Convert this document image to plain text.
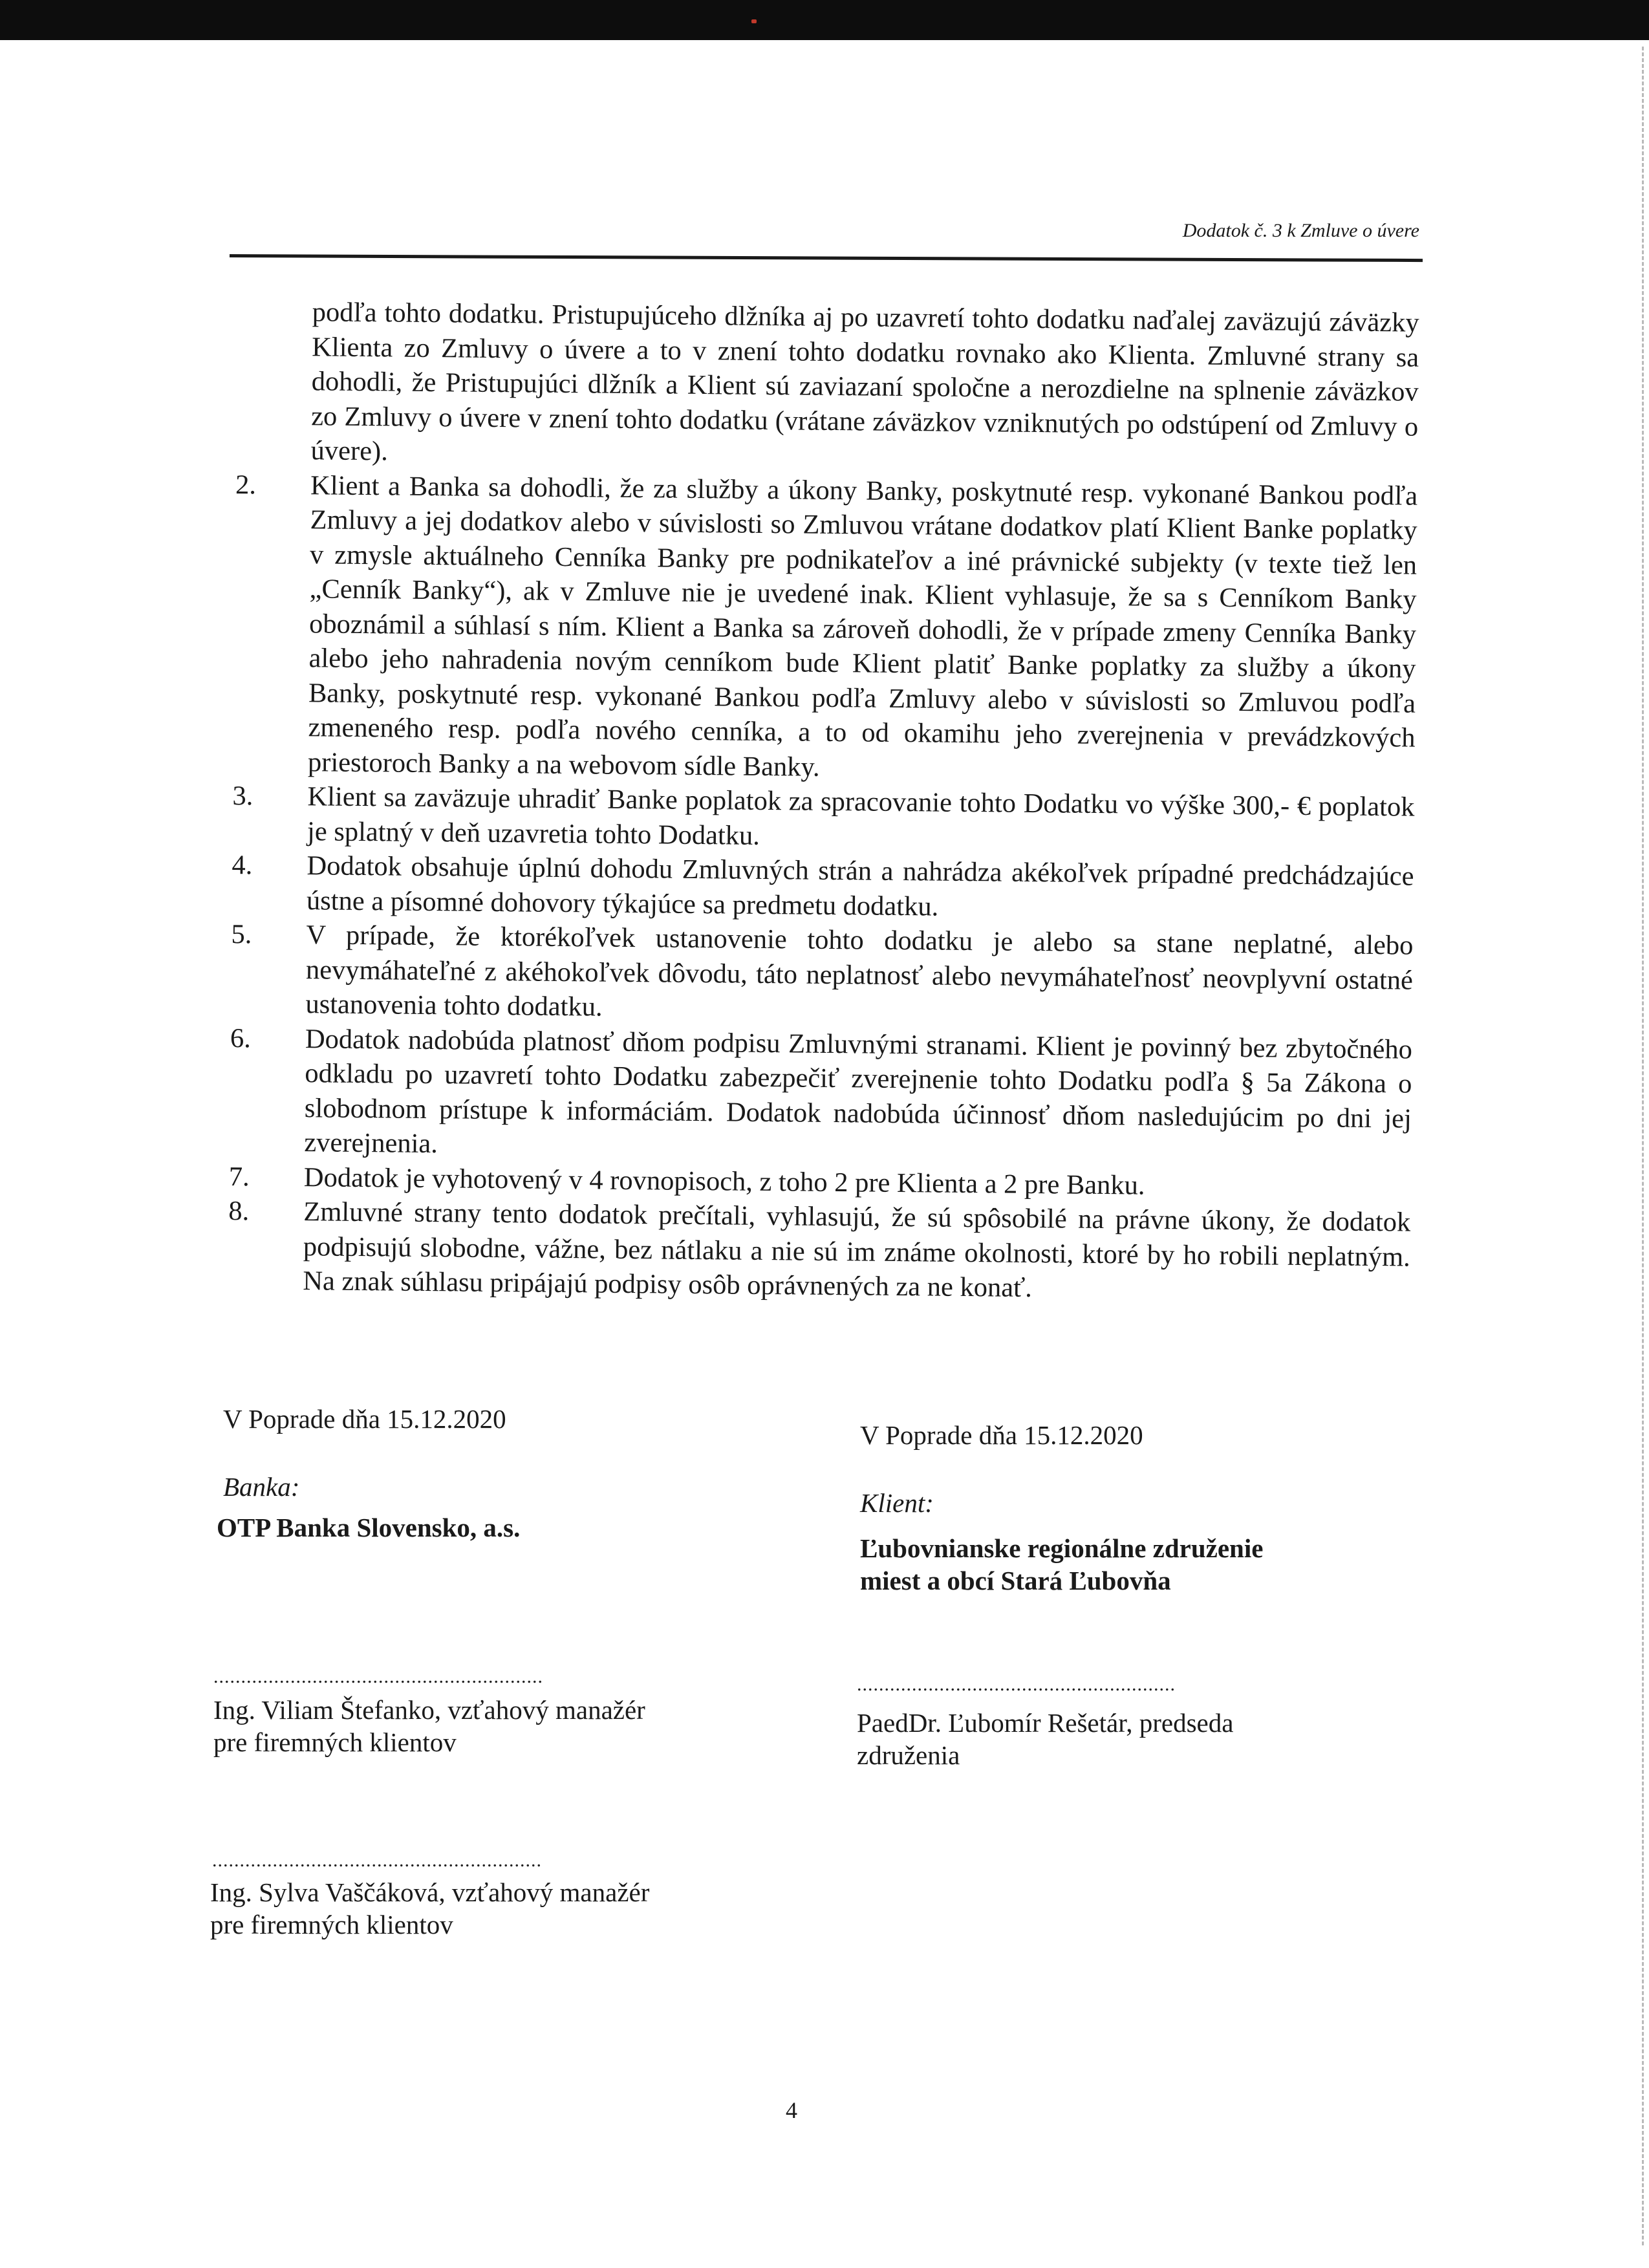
Dodatok č. 3 k Zmluve o úvere

podľa tohto dodatku. Pristupujúceho dlžníka aj po uzavretí tohto dodatku naďalej zaväzujú záväzky Klienta zo Zmluvy o úvere a to v znení tohto dodatku rovnako ako Klienta. Zmluvné strany sa dohodli, že Pristupujúci dlžník a Klient sú zaviazaní spoločne a nerozdielne na splnenie záväzkov zo Zmluvy o úvere v znení tohto dodatku (vrátane záväzkov vzniknutých po odstúpení od Zmluvy o úvere).

2. Klient a Banka sa dohodli, že za služby a úkony Banky, poskytnuté resp. vykonané Bankou podľa Zmluvy a jej dodatkov alebo v súvislosti so Zmluvou vrátane dodatkov platí Klient Banke poplatky v zmysle aktuálneho Cenníka Banky pre podnikateľov a iné právnické subjekty (v texte tiež len „Cenník Banky“), ak v Zmluve nie je uvedené inak. Klient vyhlasuje, že sa s Cenníkom Banky oboznámil a súhlasí s ním. Klient a Banka sa zároveň dohodli, že v prípade zmeny Cenníka Banky alebo jeho nahradenia novým cenníkom bude Klient platiť Banke poplatky za služby a úkony Banky, poskytnuté resp. vykonané Bankou podľa Zmluvy alebo v súvislosti so Zmluvou podľa zmeneného resp. podľa nového cenníka, a to od okamihu jeho zverejnenia v prevádzkových priestoroch Banky a na webovom sídle Banky.
3. Klient sa zaväzuje uhradiť Banke poplatok za spracovanie tohto Dodatku vo výške 300,- € poplatok je splatný v deň uzavretia tohto Dodatku.
4. Dodatok obsahuje úplnú dohodu Zmluvných strán a nahrádza akékoľvek prípadné predchádzajúce ústne a písomné dohovory týkajúce sa predmetu dodatku.
5. V prípade, že ktorékoľvek ustanovenie tohto dodatku je alebo sa stane neplatné, alebo nevymáhateľné z akéhokoľvek dôvodu, táto neplatnosť alebo nevymáhateľnosť neovplyvní ostatné ustanovenia tohto dodatku.
6. Dodatok nadobúda platnosť dňom podpisu Zmluvnými stranami. Klient je povinný bez zbytočného odkladu po uzavretí tohto Dodatku zabezpečiť zverejnenie tohto Dodatku podľa § 5a Zákona o slobodnom prístupe k informáciám. Dodatok nadobúda účinnosť dňom nasledujúcim po dni jej zverejnenia.
7. Dodatok je vyhotovený v 4 rovnopisoch, z toho 2 pre Klienta a 2 pre Banku.
8. Zmluvné strany tento dodatok prečítali, vyhlasujú, že sú spôsobilé na právne úkony, že dodatok podpisujú slobodne, vážne, bez nátlaku a nie sú im známe okolnosti, ktoré by ho robili neplatným. Na znak súhlasu pripájajú podpisy osôb oprávnených za ne konať.
V Poprade dňa 15.12.2020
Banka:
OTP Banka Slovensko, a.s.
............................................................
Ing. Viliam Štefanko, vzťahový manažér
pre firemných klientov
............................................................
Ing. Sylva Vaščáková, vzťahový manažér
pre firemných klientov
V Poprade dňa 15.12.2020
Klient:
Ľubovnianske regionálne združenie
miest a obcí Stará Ľubovňa
..........................................................
PaedDr. Ľubomír Rešetár, predseda
združenia
4
